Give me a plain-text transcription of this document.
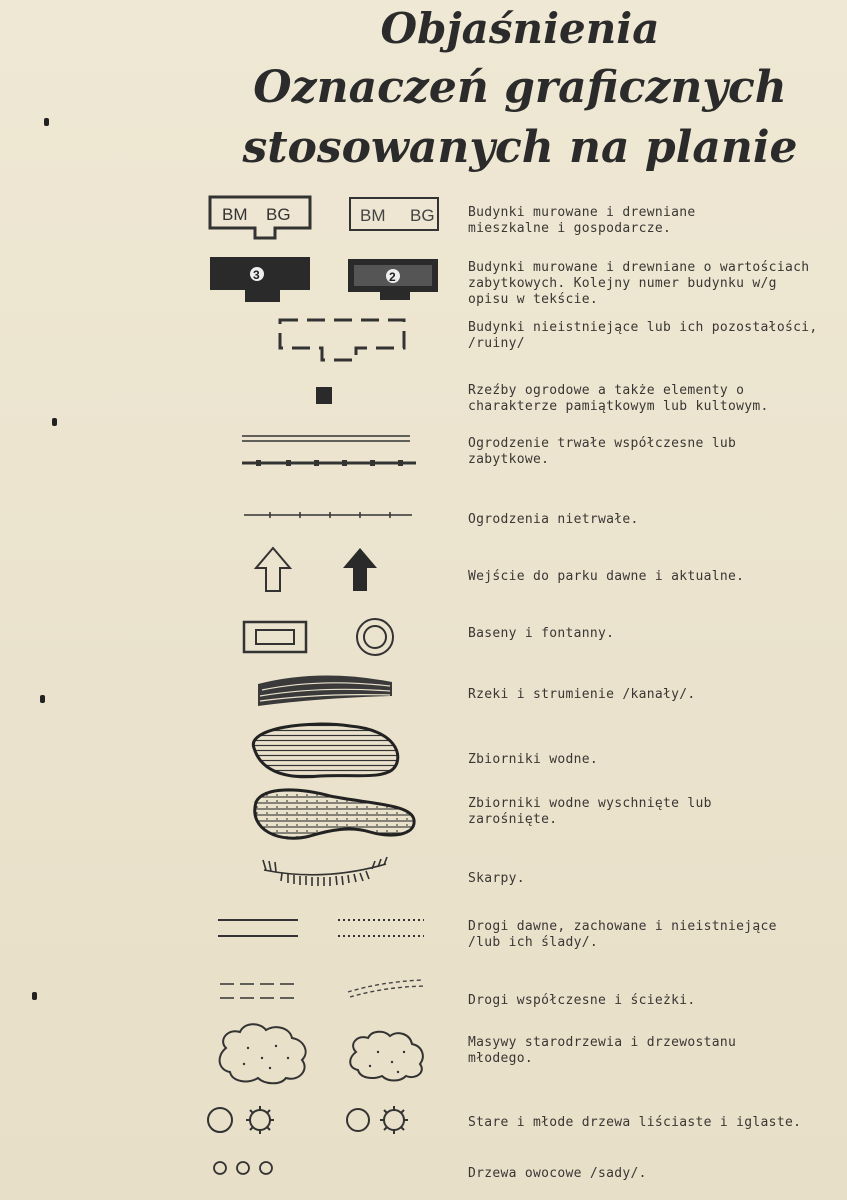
Objaśnienia
Oznaczeń graficznych
stosowanych na planie
BM BG	BM BG	Budynki murowane i drewniane
mieszkalne i gospodarcze.
3	2
Budynki murowane i drewniane o wartościach
zabytkowych. Kolejny numer budynku w/g
opisu w tekście.
Budynki nieistniejące lub ich pozostałości,
/ruiny/
Rzeźby ogrodowe a także elementy o
charakterze pamiątkowym lub kultowym.
Ogrodzenie trwałe współczesne lub
zabytkowe.
Ogrodzenia nietrwałe.
Wejście do parku dawne i aktualne.
Baseny i fontanny.
Rzeki i strumienie /kanały/.
Zbiorniki wodne.
Zbiorniki wodne wyschnięte lub
zarośnięte.
Skarpy.
Drogi dawne, zachowane i nieistniejące
/lub ich ślady/.
Drogi współczesne i ścieżki.
Masywy starodrzewia i drzewostanu
młodego.
Stare i młode drzewa liściaste i iglaste.
Drzewa owocowe /sady/.
